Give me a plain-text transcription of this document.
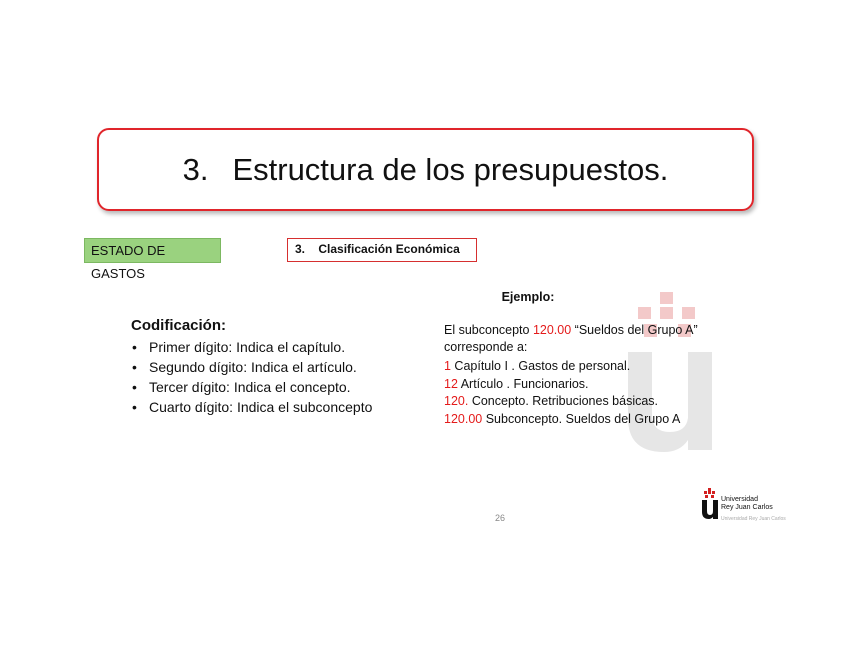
3. Estructura de los presupuestos.
ESTADO DE GASTOS
3. Clasificación Económica
Codificación:
• Primer dígito: Indica el capítulo.
• Segundo dígito: Indica el artículo.
• Tercer dígito: Indica el concepto.
• Cuarto dígito: Indica el subconcepto
Ejemplo:
El subconcepto 120.00 “Sueldos del Grupo A”
corresponde a:
1 Capítulo I . Gastos de personal.
12 Artículo . Funcionarios.
120. Concepto. Retribuciones básicas.
120.00 Subconcepto. Sueldos del Grupo A
26
Universidad
Rey Juan Carlos
Universidad Rey Juan Carlos
